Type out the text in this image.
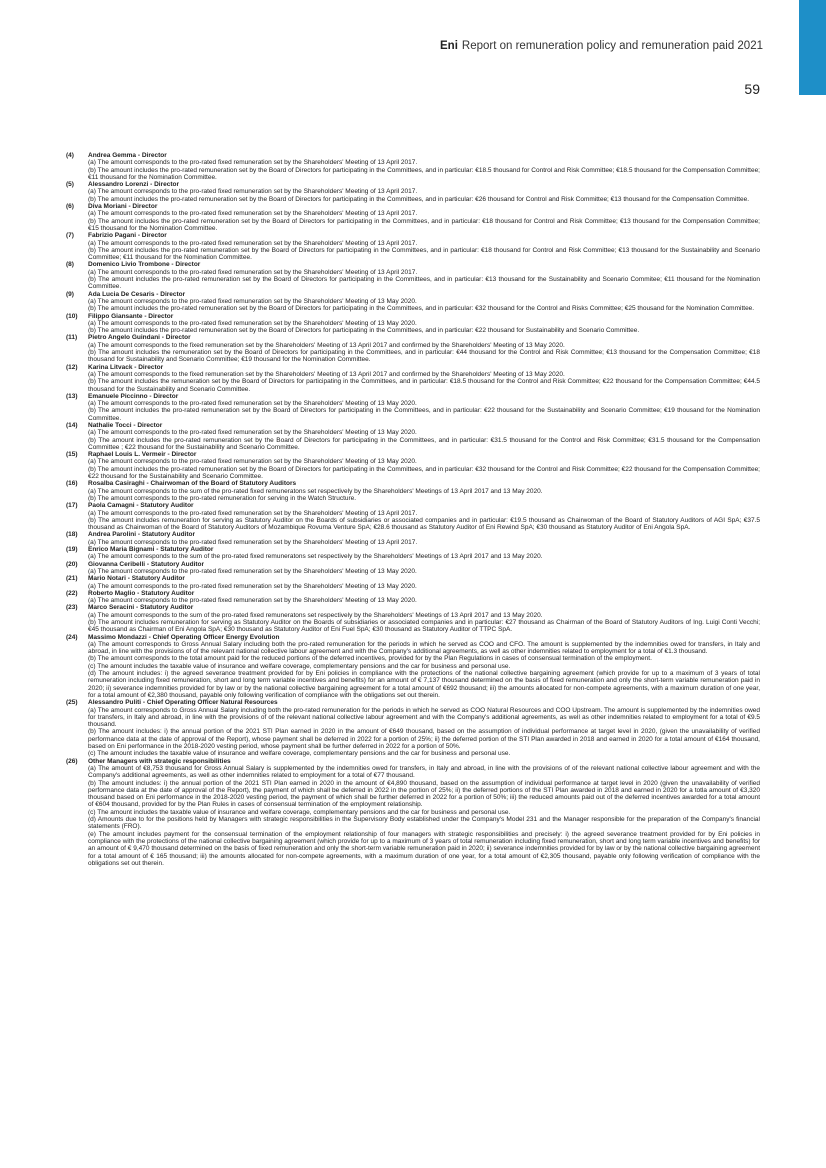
Eni Report on remuneration policy and remuneration paid 2021
59
(4) Andrea Gemma - Director
(a) The amount corresponds to the pro-rated fixed remuneration set by the Shareholders' Meeting of 13 April 2017.
(b) The amount includes the pro-rated remuneration set by the Board of Directors for participating in the Committees, and in particular: €18.5 thousand for Control and Risk Committee; €18.5 thousand for the Compensation Committee; €11 thousand for the Nomination Committee.
(5) Alessandro Lorenzi - Director
(a) The amount corresponds to the pro-rated fixed remuneration set by the Shareholders' Meeting of 13 April 2017.
(b) The amount includes the pro-rated remuneration set by the Board of Directors for participating in the Committees, and in particular: €26 thousand for Control and Risk Committee; €13 thousand for the Compensation Committee.
(6) Diva Moriani - Director
(a) The amount corresponds to the pro-rated fixed remuneration set by the Shareholders' Meeting of 13 April 2017.
(b) The amount includes the pro-rated remuneration set by the Board of Directors for participating in the Committees, and in particular: €18 thousand for Control and Risk Committee; €13 thousand for the Compensation Committee; €15 thousand for the Nomination Committee.
(7) Fabrizio Pagani - Director
(a) The amount corresponds to the pro-rated fixed remuneration set by the Shareholders' Meeting of 13 April 2017.
(b) The amount includes the pro-rated remuneration set by the Board of Directors for participating in the Committees, and in particular: €18 thousand for Control and Risk Committee; €13 thousand for the Sustainability and Scenario Committee; €11 thousand for the Nomination Committee.
(8) Domenico Livio Trombone - Director
(a) The amount corresponds to the pro-rated fixed remuneration set by the Shareholders' Meeting of 13 April 2017.
(b) The amount includes the pro-rated remuneration set by the Board of Directors for participating in the Committees, and in particular: €13 thousand for the Sustainability and Scenario Commitee; €11 thousand for the Nomination Committee.
(9) Ada Lucia De Cesaris - Director
(a) The amount corresponds to the pro-rated fixed remuneration set by the Shareholders' Meeting of 13 May 2020.
(b) The amount includes the pro-rated remuneration set by the Board of Directors for participating in the Committees, and in particular: €32 thousand for the Control and Risks Committee; €25 thousand for the Nomination Committee.
(10) Filippo Giansante - Director
(a) The amount corresponds to the pro-rated fixed remuneration set by the Shareholders' Meeting of 13 May 2020.
(b) The amount includes the pro-rated remuneration set by the Board of Directors for participating in the Committees, and in particular: €22 thousand for Sustainability and Scenario Committee.
(11) Pietro Angelo Guindani - Director
(a) The amount corresponds to the fixed remuneration set by the Shareholders' Meeting of 13 April 2017 and confirmed by the Shareholders' Meeting of 13 May 2020.
(b) The amount includes the remuneration set by the Board of Directors for participating in the Committees, and in particular: €44 thousand for the Control and Risk Committee; €13 thousand for the Compensation Committee; €18 thousand for Sustainability and Scenario Committee; €19 thousand for the Nomination Committee.
(12) Karina Litvack - Director
(a) The amount corresponds to the fixed remuneration set by the Shareholders' Meeting of 13 April 2017 and confirmed by the Shareholders' Meeting of 13 May 2020.
(b) The amount includes the remuneration set by the Board of Directors for participating in the Committees, and in particular: €18.5 thousand for the Control and Risk Committee; €22 thousand for the Compensation Committee; €44.5 thousand for the Sustainability and Scenario Committee.
(13) Emanuele Piccinno - Director
(a) The amount corresponds to the pro-rated fixed remuneration set by the Shareholders' Meeting of 13 May 2020.
(b) The amount includes the pro-rated remuneration set by the Board of Directors for participating in the Committees, and in particular: €22 thousand for the Sustainability and Scenario Committee; €19 thousand for the Nomination Committee.
(14) Nathalie Tocci - Director
(a) The amount corresponds to the pro-rated fixed remuneration set by the Shareholders' Meeting of 13 May 2020.
(b) The amount includes the pro-rated remuneration set by the Board of Directors for participating in the Committees, and in particular: €31.5 thousand for the Control and Risk Committee; €31.5 thousand for the Compensation Committee ; €22 thousand for the Sustainability and Scenario Committee.
(15) Raphael Louis L. Vermeir - Director
(a) The amount corresponds to the pro-rated fixed remuneration set by the Shareholders' Meeting of 13 May 2020.
(b) The amount includes the pro-rated remuneration set by the Board of Directors for participating in the Committees, and in particular: €32 thousand for the Control and Risk Committee; €22 thousand for the Compensation Committee; €22 thousand for the Sustainability and Scenario Committee.
(16) Rosalba Casiraghi - Chairwoman of the Board of Statutory Auditors
(a) The amount corresponds to the sum of the pro-rated fixed remuneratons set respectively by the Shareholders' Meetings of 13 April 2017 and 13 May 2020.
(b) The amount corresponds to the pro-rated remuneration for serving in the Watch Structure.
(17) Paola Camagni - Statutory Auditor
(a) The amount corresponds to the pro-rated fixed remuneration set by the Shareholders' Meeting of 13 April 2017.
(b) The amount includes remuneration for serving as Statutory Auditor on the Boards of subsidiaries or associated companies and in particular: €19.5 thousand as Chairwoman of the Board of Statutory Auditors of AGI SpA; €37.5 thousand as Chairwoman of the Board of Statutory Auditors of Mozambique Rovuma Venture SpA; €28.6 thousand as Statutory Auditor of Eni Rewind SpA; €30 thousand as Statutory Auditor of Eni Angola SpA.
(18) Andrea Parolini - Statutory Auditor
(a) The amount corresponds to the pro-rated fixed remuneration set by the Shareholders' Meeting of 13 April 2017.
(19) Enrico Maria Bignami - Statutory Auditor
(a) The amount corresponds to the sum of the pro-rated fixed remuneratons set respectively by the Shareholders' Meetings of 13 April 2017 and 13 May 2020.
(20) Giovanna Ceribelli - Statutory Auditor
(a) The amount corresponds to the pro-rated fixed remuneration set by the Shareholders' Meeting of 13 May 2020.
(21) Mario Notari - Statutory Auditor
(a) The amount corresponds to the pro-rated fixed remuneration set by the Shareholders' Meeting of 13 May 2020.
(22) Roberto Maglio - Statutory Auditor
(a) The amount corresponds to the pro-rated fixed remuneration set by the Shareholders' Meeting of 13 May 2020.
(23) Marco Seracini - Statutory Auditor
(a) The amount corresponds to the sum of the pro-rated fixed remuneratons set respectively by the Shareholders' Meetings of 13 April 2017 and 13 May 2020.
(b) The amount includes remuneration for serving as Statutory Auditor on the Boards of subsidiaries or associated companies and in particular: €27 thousand as Chairman of the Board of Statutory Auditors of Ing. Luigi Conti Vecchi; €45 thousand as Chairman of Eni Angola SpA; €30 thousand as Statutory Auditor of Eni Fuel SpA; €30 thousand as Statutory Auditor of TTPC SpA.
(24) Massimo Mondazzi - Chief Operating Officer Energy Evolution
(a) The amount corresponds to Gross Annual Salary including both the pro-rated remuneration for the periods in which he served as COO and CFO. The amount is supplemented by the indemnities owed for transfers, in Italy and abroad, in line with the provisions of of the relevant national collective labour agreement and with the Company's additional agreements, as well as other indemnities related to employment for a total of €1.3 thousand.
(b) The amount corresponds to the total amount paid for the reduced portions of the deferred incentives, provided for by the Plan Regulations in cases of consensual termination of the employment.
(c) The amount includes the taxable value of insurance and welfare coverage, complementary pensions and the car for business and personal use.
(d) The amount includes: i) the agreed severance treatment provided for by Eni policies in compliance with the protections of the national collective bargaining agreement (which provide for up to a maximum of 3 years of total remuneration including fixed remuneration, short and long term variable incentives and benefits) for an amount of € 7,137 thousand determined on the basis of fixed remuneration and only the short-term variable remuneration paid in 2020; ii) severance indemnities provided for by law or by the national collective bargaining agreement for a total amount of €692 thousand; iii) the amounts allocated for non-compete agreements, with a maximum duration of one year, for a total amount of €2,380 thousand, payable only following verification of compliance with the obligations set out therein.
(25) Alessandro Puliti - Chief Operating Officer Natural Resources
(a) The amount corresponds to Gross Annual Salary including both the pro-rated remuneration for the periods in which he served as COO Natural Resources and COO Upstream. The amount is supplemented by the indemnities owed for transfers, in Italy and abroad, in line with the provisions of of the relevant national collective labour agreement and with the Company's additional agreements, as well as other indemnities related to employment for a total of €9.5 thousand.
(b) The amount includes: i) the annual portion of the 2021 STI Plan earned in 2020 in the amount of €649 thousand, based on the assumption of individual performance at target level in 2020, (given the unavailability of verified performance data at the date of approval of the Report), whose payment shall be deferred in 2022 for a portion of 25%; ii) the deferred portion of the STI Plan awarded in 2018 and earned in 2020 for a total amount of €164 thousand, based on Eni performance in the 2018-2020 vesting period, whose payment shall be further deferred in 2022 for a portion of 50%.
(c) The amount includes the taxable value of insurance and welfare coverage, complementary pensions and the car for business and personal use.
(26) Other Managers with strategic responsibilities
(a) The amount of €8,753 thousand for Gross Annual Salary is supplemented by the indemnities owed for transfers, in Italy and abroad, in line with the provisions of of the relevant national collective labour agreement and with the Company's additional agreements, as well as other indemnities related to employment for a total of €77 thousand.
(b) The amount includes: i) the annual portion of the 2021 STI Plan earned in 2020 in the amount of €4,890 thousand, based on the assumption of individual performance at target level in 2020 (given the unavailability of verified performance data at the date of approval of the Report), the payment of which shall be deferred in 2022 in the portion of 25%; ii) the deferred portions of the STI Plan awarded in 2018 and earned in 2020 for a totla amount of €3,320 thousand based on Eni performance in the 2018-2020 vesting period, the payment of which shall be further deferred in 2022 for a portion of 50%; iii) the reduced amounts paid out of the deferred incentives awarded for a total amount of €604 thousand, provided for by the Plan Rules in cases of consensual termination of the employment relationship.
(c) The amount includes the taxable value of insurance and welfare coverage, complementary pensions and the car for business and personal use.
(d) Amounts due to for the positions held by Managers with strategic responsibilities in the Supervisory Body established under the Company's Model 231 and the Manager responsible for the preparation of the Company's financial statements (FRO).
(e) The amount includes payment for the consensual termination of the employment relationship of four managers with strategic responsibilities and precisely: i) the agreed severance treatment provided for by Eni policies in compliance with the protections of the national collective bargaining agreement (which provide for up to a maximum of 3 years of total remuneration including fixed remuneration, short and long term variable incentives and benefits) for an amount of € 9,470 thousand determined on the basis of fixed remuneration and only the short-term variable remuneration paid in 2020; ii) severance indemnities provided for by law or by the national collective bargaining agreement for a total amount of € 165 thousand; iii) the amounts allocated for non-compete agreements, with a maximum duration of one year, for a total amount of €2,305 thousand, payable only following verification of compliance with the obligations set out therein.
